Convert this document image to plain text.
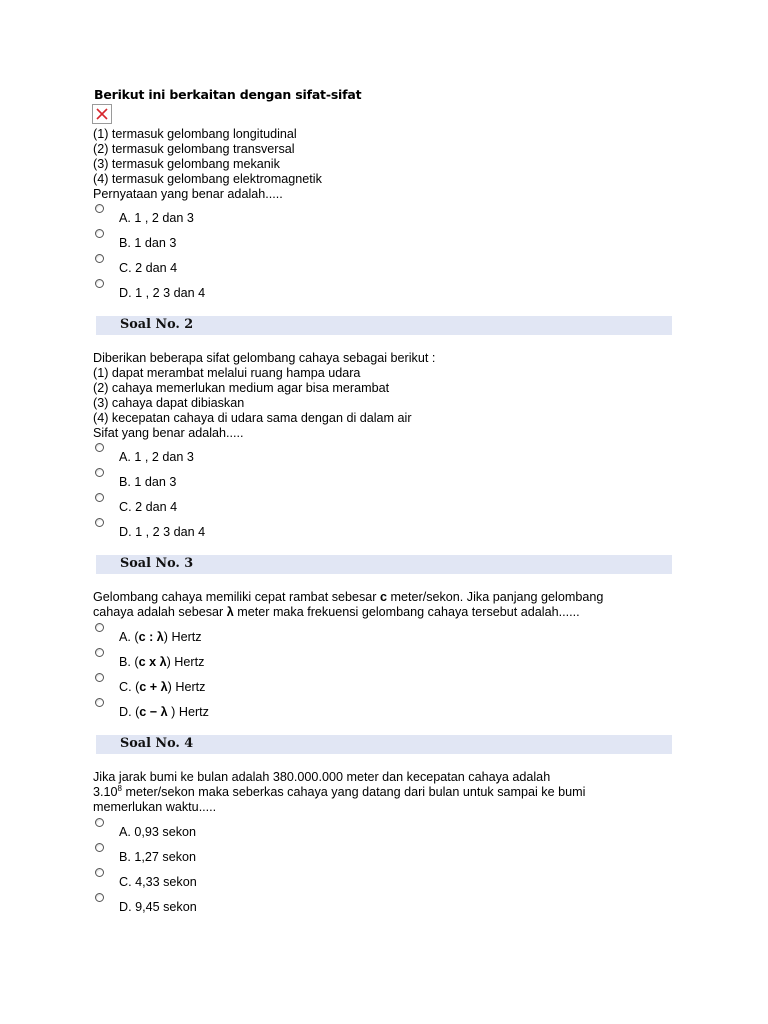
Berikut ini berkaitan dengan sifat-sifat
(1) termasuk gelombang longitudinal
(2) termasuk gelombang transversal
(3) termasuk gelombang mekanik
(4) termasuk gelombang elektromagnetik
Pernyataan yang benar adalah.....
A. 1 , 2 dan 3
B. 1 dan 3
C. 2 dan 4
D. 1 , 2 3 dan 4
Soal No. 2
Diberikan beberapa sifat gelombang cahaya sebagai berikut :
(1) dapat merambat melalui ruang hampa udara
(2) cahaya memerlukan medium agar bisa merambat
(3) cahaya dapat dibiaskan
(4) kecepatan cahaya di udara sama dengan di dalam air
Sifat yang benar adalah.....
A. 1 , 2 dan 3
B. 1 dan 3
C. 2 dan 4
D. 1 , 2 3 dan 4
Soal No. 3
Gelombang cahaya memiliki cepat rambat sebesar c meter/sekon. Jika panjang gelombang
cahaya adalah sebesar λ meter maka frekuensi gelombang cahaya tersebut adalah......
A. (c : λ) Hertz
B. (c x λ) Hertz
C. (c + λ) Hertz
D. (c − λ ) Hertz
Soal No. 4
Jika jarak bumi ke bulan adalah 380.000.000 meter dan kecepatan cahaya adalah
3.10$^8$ meter/sekon maka seberkas cahaya yang datang dari bulan untuk sampai ke bumi
memerlukan waktu.....
A. 0,93 sekon
B. 1,27 sekon
C. 4,33 sekon
D. 9,45 sekon
